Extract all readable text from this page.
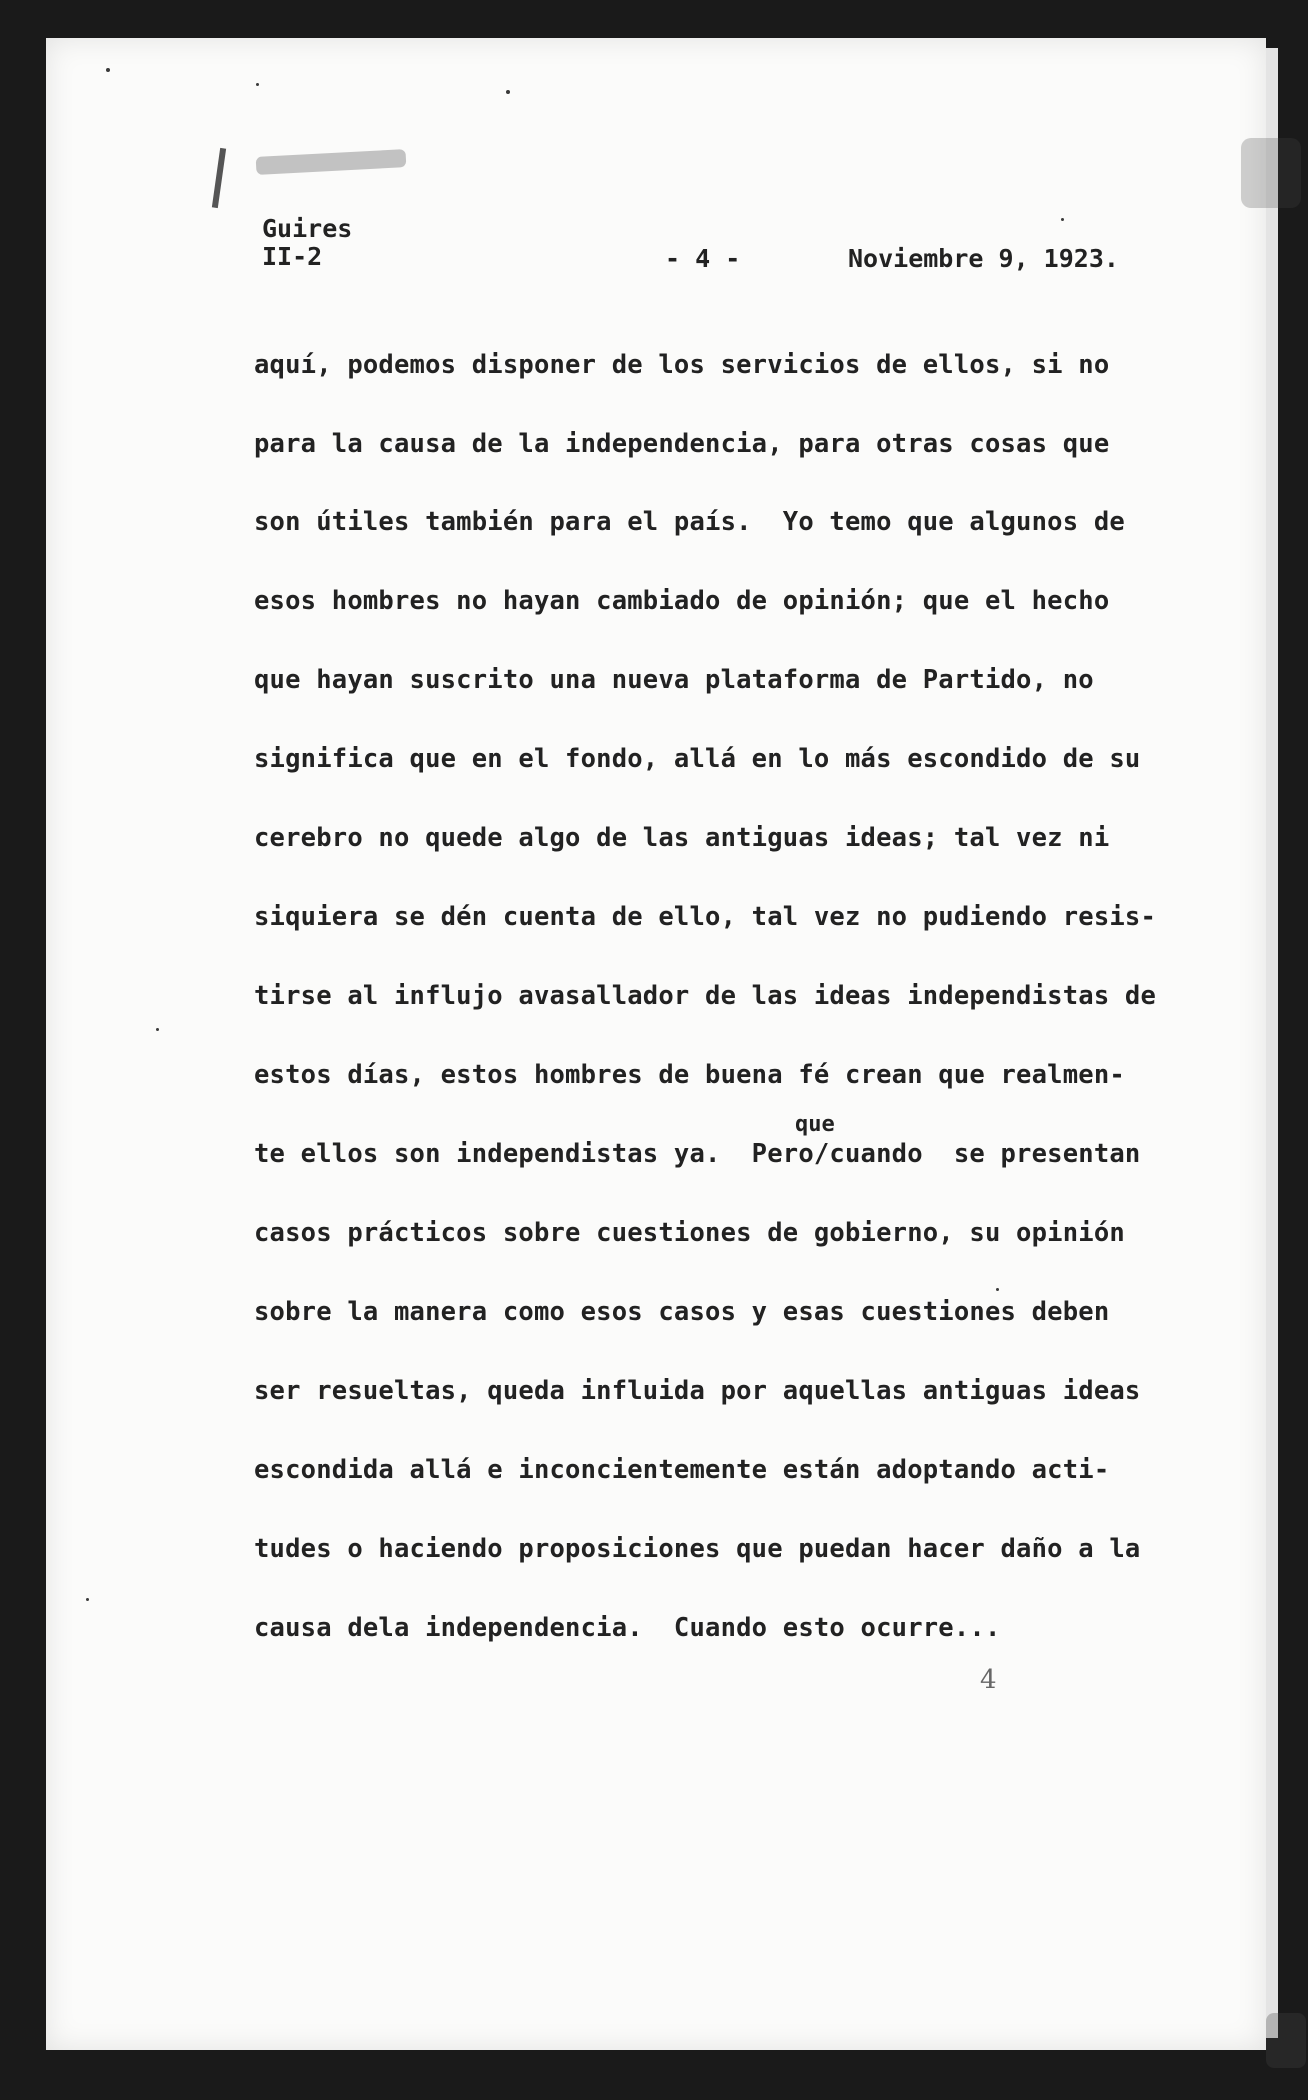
Guires
II-2	- 4 -	Noviembre 9, 1923.
aquí, podemos disponer de los servicios de ellos, si no
para la causa de la independencia, para otras cosas que
son útiles también para el país.  Yo temo que algunos de
esos hombres no hayan cambiado de opinión; que el hecho
que hayan suscrito una nueva plataforma de Partido, no
significa que en el fondo, allá en lo más escondido de su
cerebro no quede algo de las antiguas ideas; tal vez ni
siquiera se dén cuenta de ello, tal vez no pudiendo resis-
tirse al influjo avasallador de las ideas independistas de
estos días, estos hombres de buena fé crean que realmen-
que
te ellos son independistas ya.  Pero/cuando  se presentan
casos prácticos sobre cuestiones de gobierno, su opinión
sobre la manera como esos casos y esas cuestiones deben
ser resueltas, queda influida por aquellas antiguas ideas
escondida allá e inconcientemente están adoptando acti-
tudes o haciendo proposiciones que puedan hacer daño a la
causa dela independencia.  Cuando esto ocurre...
4
